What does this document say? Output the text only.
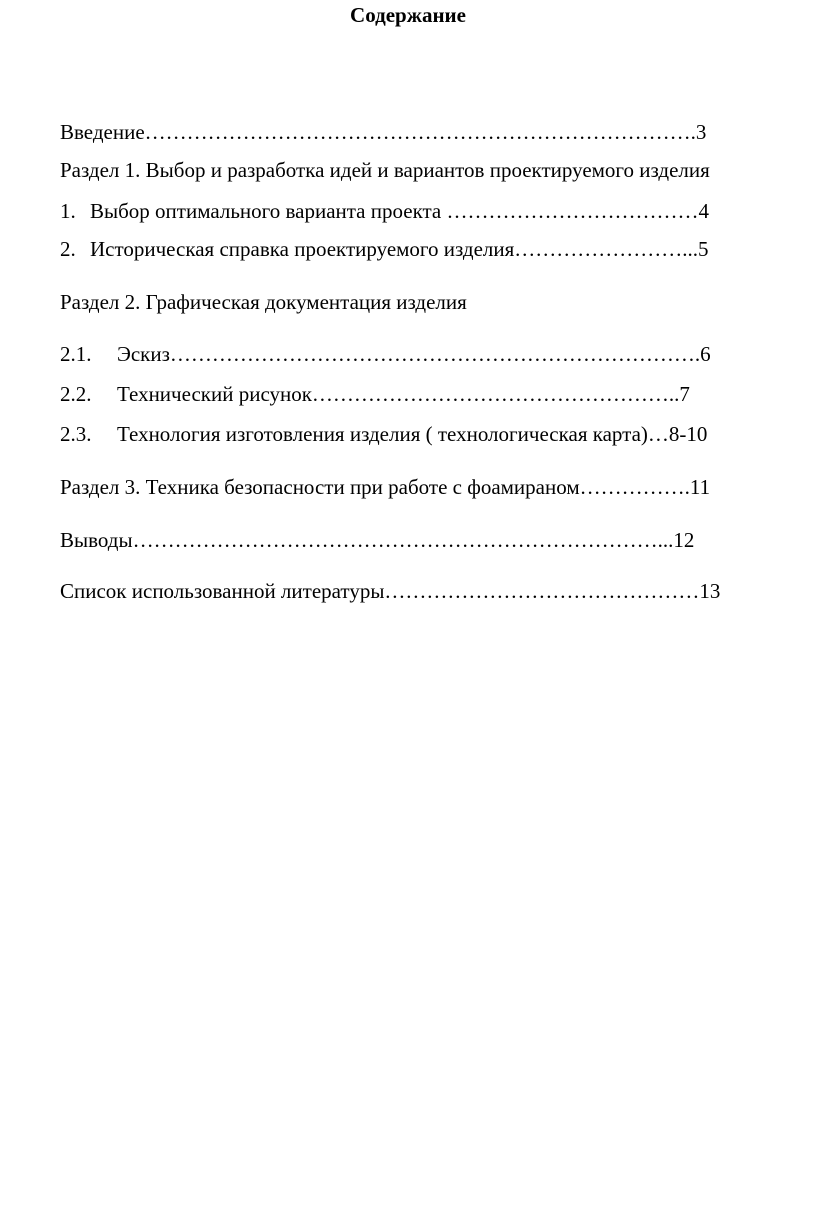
Содержание
Введение…………………………………………………………………….3
Раздел 1. Выбор и разработка идей и вариантов проектируемого изделия
1. Выбор оптимального варианта проекта ………………………………4
2. Историческая справка проектируемого изделия……………………...5
Раздел 2. Графическая документация изделия
2.1. Эскиз………………………………………………………………….6
2.2. Технический рисунок……………………………………………..7
2.3. Технология изготовления изделия ( технологическая карта)…8-10
Раздел 3. Техника безопасности при работе с фоамираном…………….11
Выводы…………………………………………………………………...12
Список использованной литературы………………………………………13
